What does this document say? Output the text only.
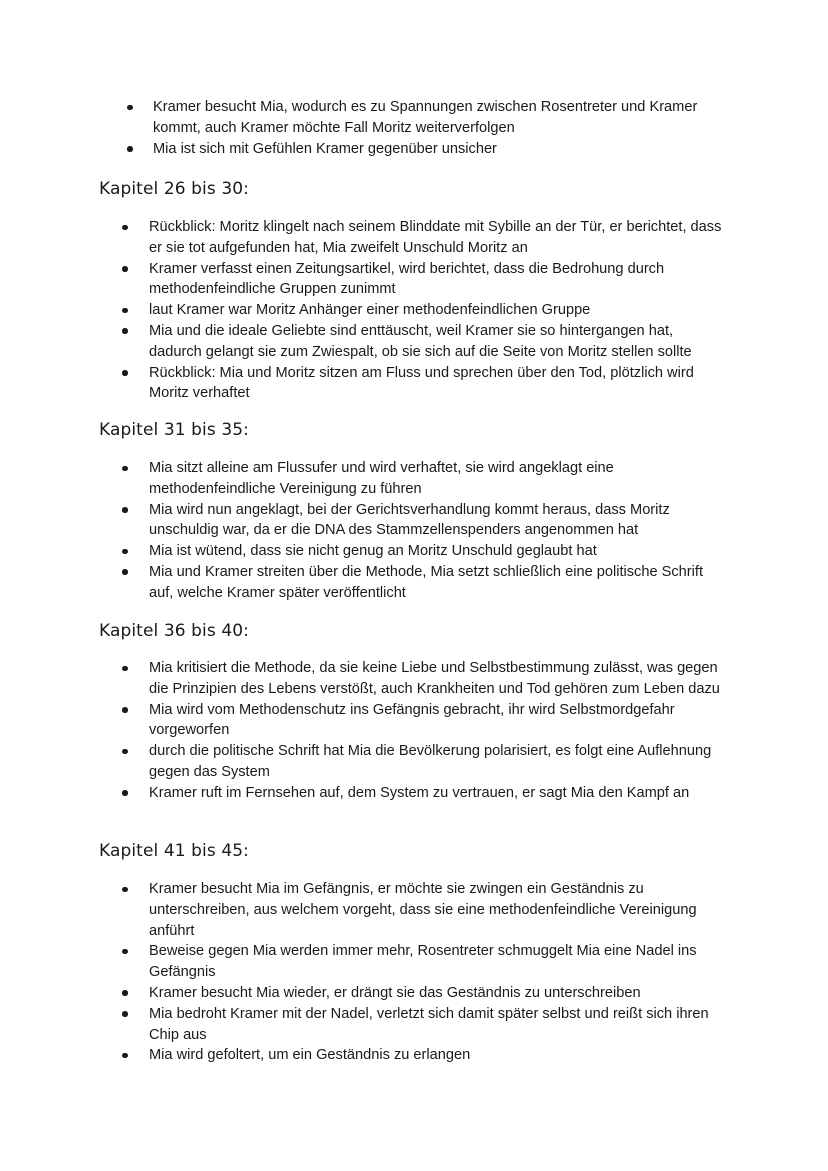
Kramer besucht Mia, wodurch es zu Spannungen zwischen Rosentreter und Kramer kommt, auch Kramer möchte Fall Moritz weiterverfolgen
Mia ist sich mit Gefühlen Kramer gegenüber unsicher
Kapitel 26 bis 30:
Rückblick: Moritz klingelt nach seinem Blinddate mit Sybille an der Tür, er berichtet, dass er sie tot aufgefunden hat, Mia zweifelt Unschuld Moritz an
Kramer verfasst einen Zeitungsartikel, wird berichtet, dass die Bedrohung durch methodenfeindliche Gruppen zunimmt
laut Kramer war Moritz Anhänger einer methodenfeindlichen Gruppe
Mia und die ideale Geliebte sind enttäuscht, weil Kramer sie so hintergangen hat, dadurch gelangt sie zum Zwiespalt, ob sie sich auf die Seite von Moritz stellen sollte
Rückblick: Mia und Moritz sitzen am Fluss und sprechen über den Tod, plötzlich wird Moritz verhaftet
Kapitel 31 bis 35:
Mia sitzt alleine am Flussufer und wird verhaftet, sie wird angeklagt eine methodenfeindliche Vereinigung zu führen
Mia wird nun angeklagt, bei der Gerichtsverhandlung kommt heraus, dass Moritz unschuldig war, da er die DNA des Stammzellenspenders angenommen hat
Mia ist wütend, dass sie nicht genug an Moritz Unschuld geglaubt hat
Mia und Kramer streiten über die Methode, Mia setzt schließlich eine politische Schrift auf, welche Kramer später veröffentlicht
Kapitel 36 bis 40:
Mia kritisiert die Methode, da sie keine Liebe und Selbstbestimmung zulässt, was gegen die Prinzipien des Lebens verstößt, auch Krankheiten und Tod gehören zum Leben dazu
Mia wird vom Methodenschutz ins Gefängnis gebracht, ihr wird Selbstmordgefahr vorgeworfen
durch die politische Schrift hat Mia die Bevölkerung polarisiert, es folgt eine Auflehnung gegen das System
Kramer ruft im Fernsehen auf, dem System zu vertrauen, er sagt Mia den Kampf an
Kapitel 41 bis 45:
Kramer besucht Mia im Gefängnis, er möchte sie zwingen ein Geständnis zu unterschreiben, aus welchem vorgeht, dass sie eine methodenfeindliche Vereinigung anführt
Beweise gegen Mia werden immer mehr, Rosentreter schmuggelt Mia eine Nadel ins Gefängnis
Kramer besucht Mia wieder, er drängt sie das Geständnis zu unterschreiben
Mia bedroht Kramer mit der Nadel, verletzt sich damit später selbst und reißt sich ihren Chip aus
Mia wird gefoltert, um ein Geständnis zu erlangen
